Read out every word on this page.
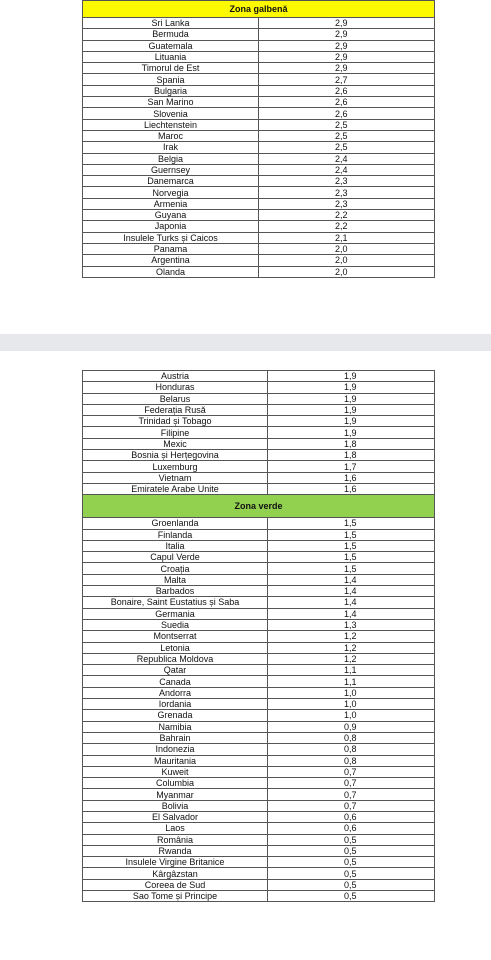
Zona galbenă	
Sri Lanka	2,9
Bermuda	2,9
Guatemala	2,9
Lituania	2,9
Timorul de Est	2,9
Spania	2,7
Bulgaria	2,6
San Marino	2,6
Slovenia	2,6
Liechtenstein	2,5
Maroc	2,5
Irak	2,5
Belgia	2,4
Guernsey	2,4
Danemarca	2,3
Norvegia	2,3
Armenia	2,3
Guyana	2,2
Japonia	2,2
Insulele Turks și Caicos	2,1
Panama	2,0
Argentina	2,0
Olanda	2,0
Austria	1,9
Honduras	1,9
Belarus	1,9
Federația Rusă	1,9
Trinidad și Tobago	1,9
Filipine	1,9
Mexic	1,8
Bosnia și Herțegovina	1,8
Luxemburg	1,7
Vietnam	1,6
Emiratele Arabe Unite	1,6
Zona verde	
Groenlanda	1,5
Finlanda	1,5
Italia	1,5
Capul Verde	1,5
Croația	1,5
Malta	1,4
Barbados	1,4
Bonaire, Saint Eustatius și Saba	1,4
Germania	1,4
Suedia	1,3
Montserrat	1,2
Letonia	1,2
Republica Moldova	1,2
Qatar	1,1
Canada	1,1
Andorra	1,0
Iordania	1,0
Grenada	1,0
Namibia	0,9
Bahrain	0,8
Indonezia	0,8
Mauritania	0,8
Kuweit	0,7
Columbia	0,7
Myanmar	0,7
Bolivia	0,7
El Salvador	0,6
Laos	0,6
România	0,5
Rwanda	0,5
Insulele Virgine Britanice	0,5
Kârgâzstan	0,5
Coreea de Sud	0,5
Sao Tome și Principe	0,5
